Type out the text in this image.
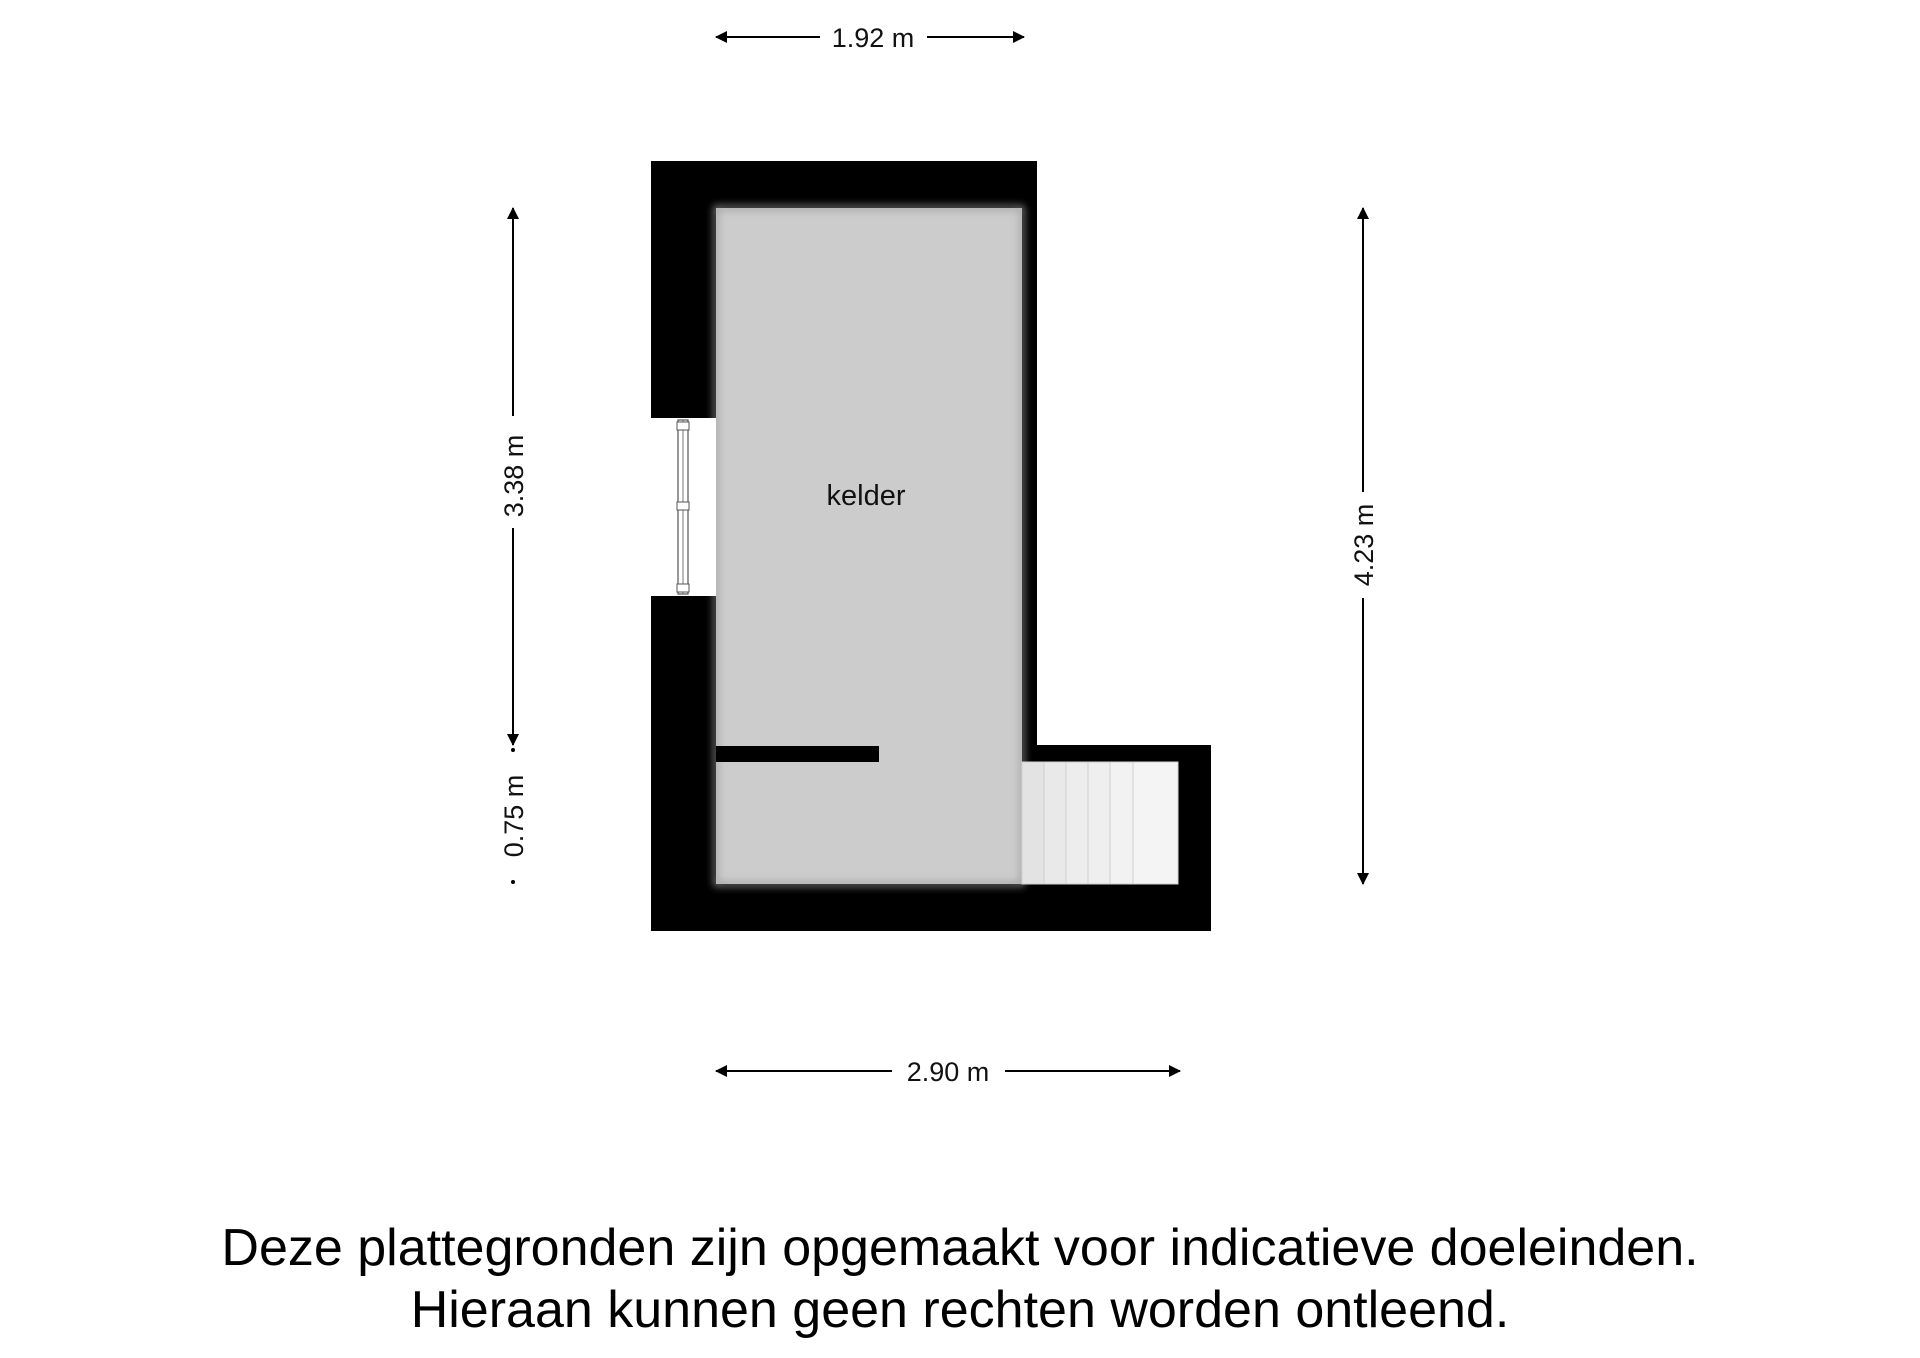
kelder
1.92 m
2.90 m
3.38 m
0.75 m
4.23 m
Deze plattegronden zijn opgemaakt voor indicatieve doeleinden.
Hieraan kunnen geen rechten worden ontleend.
